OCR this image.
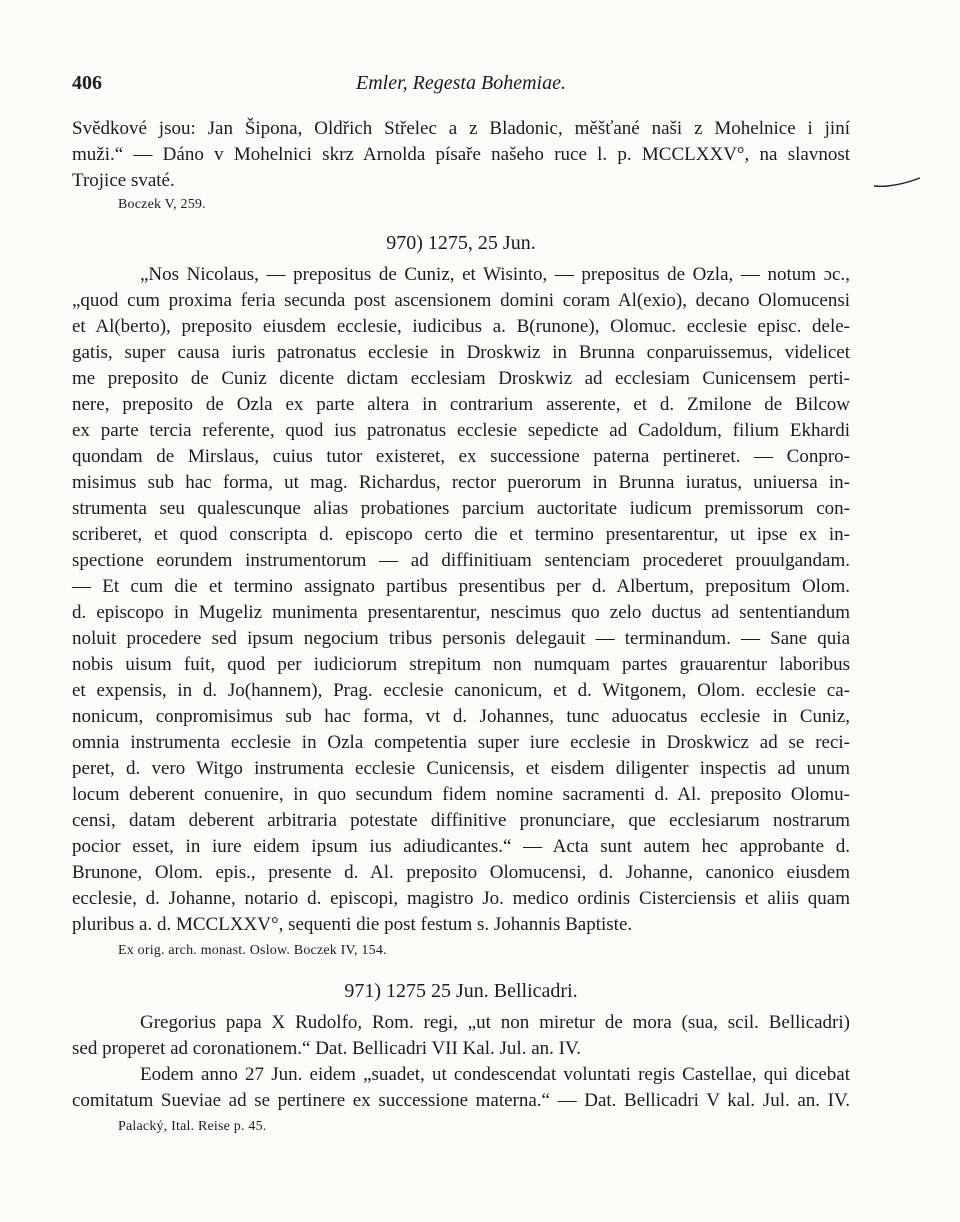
406	Emler, Regesta Bohemiae.
Svědkové jsou: Jan Šipona, Oldřich Střelec a z Bladonic, měšťané naši z Mohelnice i jiní
muži.“ — Dáno v Mohelnici skrz Arnolda písaře našeho ruce l. p. MCCLXXV°, na slavnost
Trojice svaté.
Boczek V, 259.
970) 1275, 25 Jun.
„Nos Nicolaus, — prepositus de Cuniz, et Wisinto, — prepositus de Ozla, — notum ɔc.,
„quod cum proxima feria secunda post ascensionem domini coram Al(exio), decano Olomucensi
et Al(berto), preposito eiusdem ecclesie, iudicibus a. B(runone), Olomuc. ecclesie episc. dele-
gatis, super causa iuris patronatus ecclesie in Droskwiz in Brunna conparuissemus, videlicet
me preposito de Cuniz dicente dictam ecclesiam Droskwiz ad ecclesiam Cunicensem perti-
nere, preposito de Ozla ex parte altera in contrarium asserente, et d. Zmilone de Bilcow
ex parte tercia referente, quod ius patronatus ecclesie sepedicte ad Cadoldum, filium Ekhardi
quondam de Mirslaus, cuius tutor existeret, ex successione paterna pertineret. — Conpro-
misimus sub hac forma, ut mag. Richardus, rector puerorum in Brunna iuratus, uniuersa in-
strumenta seu qualescunque alias probationes parcium auctoritate iudicum premissorum con-
scriberet, et quod conscripta d. episcopo certo die et termino presentarentur, ut ipse ex in-
spectione eorundem instrumentorum — ad diffinitiuam sentenciam procederet prouulgandam.
— Et cum die et termino assignato partibus presentibus per d. Albertum, prepositum Olom.
d. episcopo in Mugeliz munimenta presentarentur, nescimus quo zelo ductus ad sententiandum
noluit procedere sed ipsum negocium tribus personis delegauit — terminandum. — Sane quia
nobis uisum fuit, quod per iudiciorum strepitum non numquam partes grauarentur laboribus
et expensis, in d. Jo(hannem), Prag. ecclesie canonicum, et d. Witgonem, Olom. ecclesie ca-
nonicum, conpromisimus sub hac forma, vt d. Johannes, tunc aduocatus ecclesie in Cuniz,
omnia instrumenta ecclesie in Ozla competentia super iure ecclesie in Droskwicz ad se reci-
peret, d. vero Witgo instrumenta ecclesie Cunicensis, et eisdem diligenter inspectis ad unum
locum deberent conuenire, in quo secundum fidem nomine sacramenti d. Al. preposito Olomu-
censi, datam deberent arbitraria potestate diffinitive pronunciare, que ecclesiarum nostrarum
pocior esset, in iure eidem ipsum ius adiudicantes.“ — Acta sunt autem hec approbante d.
Brunone, Olom. epis., presente d. Al. preposito Olomucensi, d. Johanne, canonico eiusdem
ecclesie, d. Johanne, notario d. episcopi, magistro Jo. medico ordinis Cisterciensis et aliis quam
pluribus a. d. MCCLXXV°, sequenti die post festum s. Johannis Baptiste.
Ex orig. arch. monast. Oslow. Boczek IV, 154.
971) 1275 25 Jun. Bellicadri.
Gregorius papa X Rudolfo, Rom. regi, „ut non miretur de mora (sua, scil. Bellicadri)
sed properet ad coronationem.“ Dat. Bellicadri VII Kal. Jul. an. IV.
Eodem anno 27 Jun. eidem „suadet, ut condescendat voluntati regis Castellae, qui dicebat
comitatum Sueviae ad se pertinere ex successione materna.“ — Dat. Bellicadri V kal. Jul. an. IV.
Palacký, Ital. Reise p. 45.
